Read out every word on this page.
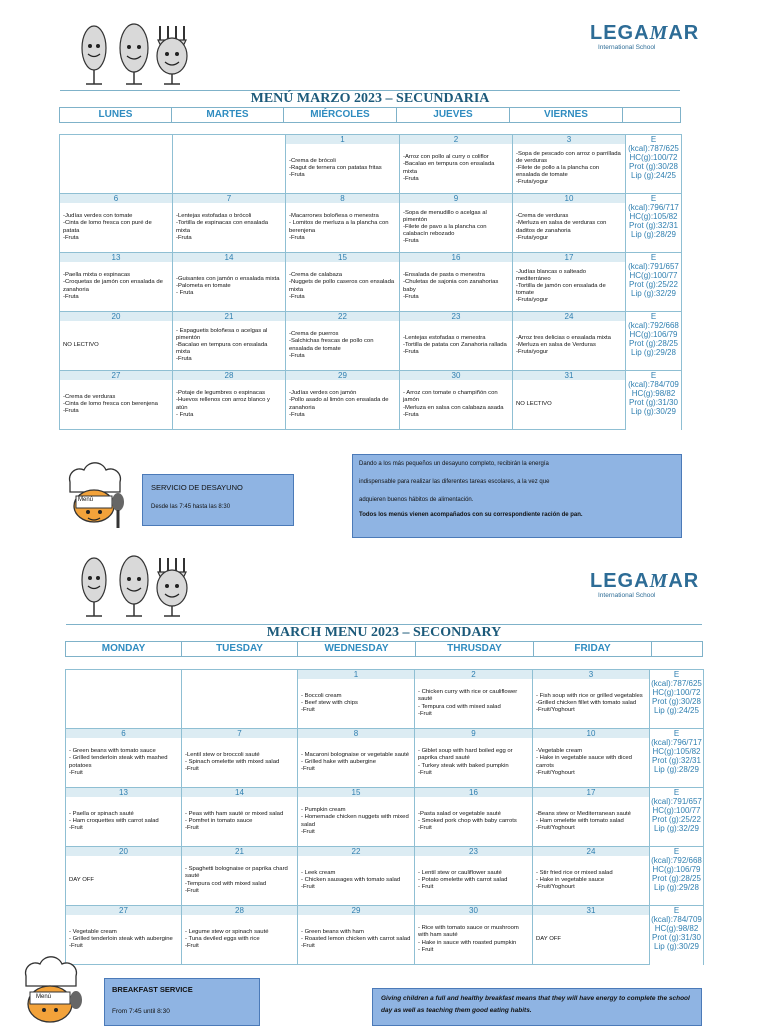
LEGAMAR
International School
MENÚ MARZO 2023 – SECUNDARIA
LUNES	MARTES	MIÉRCOLES	JUEVES	VIERNES
		1	2	3	E
(kcal):787/625
HC(g):100/72
Prot (g):30/28
Lip (g):24/25

		-Crema de brócoli
-Ragut de ternera con patatas fritas
-Fruta	-Arroz con pollo al curry o coliflor
-Bacalao en tempura con ensalada mixta
-Fruta	-Sopa de pescado con arroz o parrillada de verduras
-Filete de pollo a la plancha con ensalada de tomate
-Fruta/yogur	
6	7	8	9	10	E
(kcal):796/717
HC(g):105/82
Prot (g):32/31
Lip (g):28/29

-Judías verdes con tomate
-Cinta de lomo fresca con puré de patata
-Fruta	-Lentejas estofadas o brócoli
-Tortilla de espinacas con ensalada mixta
-Fruta	-Macarrones boloñesa o menestra
- Lomitos de merluza a la plancha con berenjena
-Fruta	-Sopa de menudillo o acelgas al pimentón
-Filete de pavo a la plancha con calabacín rebozado
-Fruta	-Crema de verduras
-Merluza en salsa de verduras con daditos de zanahoria
-Fruta/yogur	
13	14	15	16	17	E
(kcal):791/657
HC(g):100/77
Prot (g):25/22
Lip (g):32/29

-Paella mixta o espinacas
-Croquetas de jamón con ensalada de zanahoria
-Fruta	-Guisantes con jamón o ensalada mixta
-Palometa en tomate
- Fruta	-Crema de calabaza
-Nuggets de pollo caseros con ensalada mixta
-Fruta	-Ensalada de pasta o menestra
-Chuletas de sajonia con zanahorias baby
-Fruta	-Judías blancas o salteado mediterráneo
-Tortilla de jamón con ensalada de tomate
-Fruta/yogur	
20	21	22	23	24	E
(kcal):792/668
HC(g):106/79
Prot (g):28/25
Lip (g):29/28

NO LECTIVO	- Espaguetis boloñesa o acelgas al pimentón
-Bacalao en tempura con ensalada mixta
-Fruta	-Crema de puerros
-Salchichas frescas de pollo con ensalada de tomate
-Fruta	-Lentejas estofadas o menestra
-Tortilla de patata con Zanahoria rallada
-Fruta	-Arroz tres delicias o ensalada mixta
-Merluza en salsa de Verduras
-Fruta/yogur	
27	28	29	30	31	E
(kcal):784/709
HC(g):98/82
Prot (g):31/30
Lip (g):30/29

-Crema de verduras
-Cinta de lomo fresca con berenjena
-Fruta	-Potaje de legumbres o espinacas
-Huevos rellenos con arroz blanco y atún
- Fruta	-Judías verdes con jamón
-Pollo asado al limón con ensalada de zanahoria
-Fruta	- Arroz con tomate o champiñón con jamón
-Merluza en salsa con calabaza asada
-Fruta	NO LECTIVO	
Menú
SERVICIO DE DESAYUNO
Desde las 7:45 hasta las 8:30
Dando a los más pequeños un desayuno completo, recibirán la energía
indispensable para realizar las diferentes tareas escolares, a la vez que
adquieren buenos hábitos de alimentación.
Todos los menús vienen acompañados con su correspondiente ración de pan.
LEGAMAR
International School
MARCH MENU 2023 – SECONDARY
MONDAY	TUESDAY	WEDNESDAY	THRUSDAY	FRIDAY
		1	2	3	E
(kcal):787/625
HC(g):100/72
Prot (g):30/28
Lip (g):24/25

		- Boccoli cream
- Beef stew with chips
-Fruit	- Chicken curry with rice or cauliflower sauté
- Tempura cod with mixed salad
-Fruit	- Fish soup with rice or grilled vegetables
-Grilled chicken fillet with tomato salad
-Fruit/Yoghourt	
6	7	8	9	10	E
(kcal):796/717
HC(g):105/82
Prot (g):32/31
Lip (g):28/29

- Green beans with tomato sauce
- Grilled tenderloin steak with mashed potatoes
-Fruit	-Lentil stew or broccoli sauté
- Spinach omelette with mixed salad
-Fruit	- Macaroni bolognaise or vegetable sauté
- Grilled hake with aubergine
-Fruit	- Giblet soup with hard boiled egg or paprika chard sauté
- Turkey steak with baked pumpkin
-Fruit	-Vegetable cream
- Hake in vegetable sauce with diced carrots
-Fruit/Yoghourt	
13	14	15	16	17	E
(kcal):791/657
HC(g):100/77
Prot (g):25/22
Lip (g):32/29

- Paella or spinach sauté
- Ham croquettes with carrot salad
-Fruit	- Peas with ham sauté or mixed salad
- Pomfret in tomato sauce
-Fruit	- Pumpkin cream
- Homemade chicken nuggets with mixed salad
-Fruit	-Pasta salad or vegetable sauté
- Smoked pork chop with baby carrots
-Fruit	-Beans stew or Mediterranean sauté
- Ham omelette with tomato salad
-Fruit/Yoghourt	
20	21	22	23	24	E
(kcal):792/668
HC(g):106/79
Prot (g):28/25
Lip (g):29/28

DAY OFF	- Spaghetti bolognaise or paprika chard sauté
-Tempura cod with mixed salad
-Fruit	- Leek cream
- Chicken sausages with tomato salad
-Fruit	- Lentil stew or cauliflower sauté
- Potato omelette with carrot salad
- Fruit	- Stir fried rice or mixed salad
- Hake in vegetable sauce
-Fruit/Yoghourt	
27	28	29	30	31	E
(kcal):784/709
HC(g):98/82
Prot (g):31/30
Lip (g):30/29

- Vegetable cream
- Grilled tenderloin steak with aubergine
-Fruit	- Legume stew or spinach sauté
- Tuna deviled eggs with rice
-Fruit	- Green beans with ham
- Roasted lemon chicken with carrot salad
-Fruit	- Rice with tomato sauce or mushroom with ham sauté
- Hake in sauce with roasted pumpkin
- Fruit	DAY OFF	
Menú
BREAKFAST SERVICE
From 7:45 until 8:30
Giving children a full and healthy breakfast means that they will have energy to complete the school day as well as teaching them good eating habits.
